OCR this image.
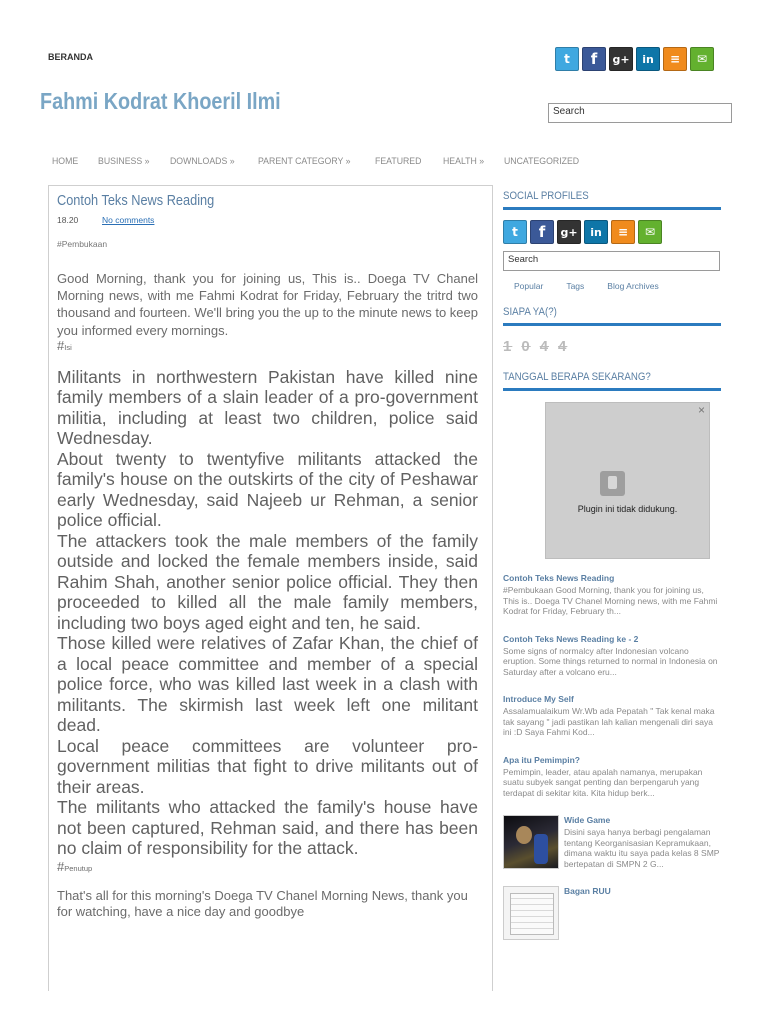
BERANDA	t	f	g+	in	≡	✉
Fahmi Kodrat Khoeril Ilmi	Search
HOME BUSINESS » DOWNLOADS » PARENT CATEGORY »	FEATURED HEALTH » UNCATEGORIZED
Contoh Teks News Reading
18.20	No comments
#Pembukaan
Good Morning, thank you for joining us, This is.. Doega TV Chanel Morning news, with me Fahmi Kodrat for Friday, February the tritrd two thousand and fourteen. We'll bring you the up to the minute news to keep you informed every mornings.
#Isi

Militants in northwestern Pakistan have killed nine family members of a slain leader of a pro-government militia, including at least two children, police said Wednesday.

About twenty to twentyfive militants attacked the family's house on the outskirts of the city of Peshawar early Wednesday, said Najeeb ur Rehman, a senior police official.

The attackers took the male members of the family outside and locked the female members inside, said Rahim Shah, another senior police official. They then proceeded to killed all the male family members, including two boys aged eight and ten, he said.

Those killed were relatives of Zafar Khan, the chief of a local peace committee and member of a special police force, who was killed last week in a clash with militants. The skirmish last week left one militant dead.

Local peace committees are volunteer pro-government militias that fight to drive militants out of their areas.

The militants who attacked the family's house have not been captured, Rehman said, and there has been no claim of responsibility for the attack.

#Penutup
That's all for this morning's Doega TV Chanel Morning News, thank you for watching, have a nice day and goodbye
SOCIAL PROFILES
t	f	g+	in	≡	✉
Search
Popular	Tags	Blog Archives
SIAPA YA(?)
1 0 4 4
TANGGAL BERAPA SEKARANG?
×
Plugin ini tidak didukung.
Contoh Teks News Reading
#Pembukaan Good Morning, thank you for joining us, This is.. Doega TV Chanel Morning news, with me Fahmi Kodrat for Friday, February th...
Contoh Teks News Reading ke - 2
Some signs of normalcy after Indonesian volcano eruption. Some things returned to normal in Indonesia on Saturday after a volcano eru...
Introduce My Self
Assalamualaikum Wr.Wb ada Pepatah " Tak kenal maka tak sayang " jadi pastikan lah kalian mengenali diri saya ini :D Saya Fahmi Kod...
Apa itu Pemimpin?
Pemimpin, leader, atau apalah namanya, merupakan suatu subyek sangat penting dan berpengaruh yang terdapat di sekitar kita. Kita hidup berk...
Wide Game
Disini saya hanya berbagi pengalaman tentang Keorganisasian Kepramukaan, dimana waktu itu saya pada kelas 8 SMP bertepatan di SMPN 2 G...
Bagan RUU
